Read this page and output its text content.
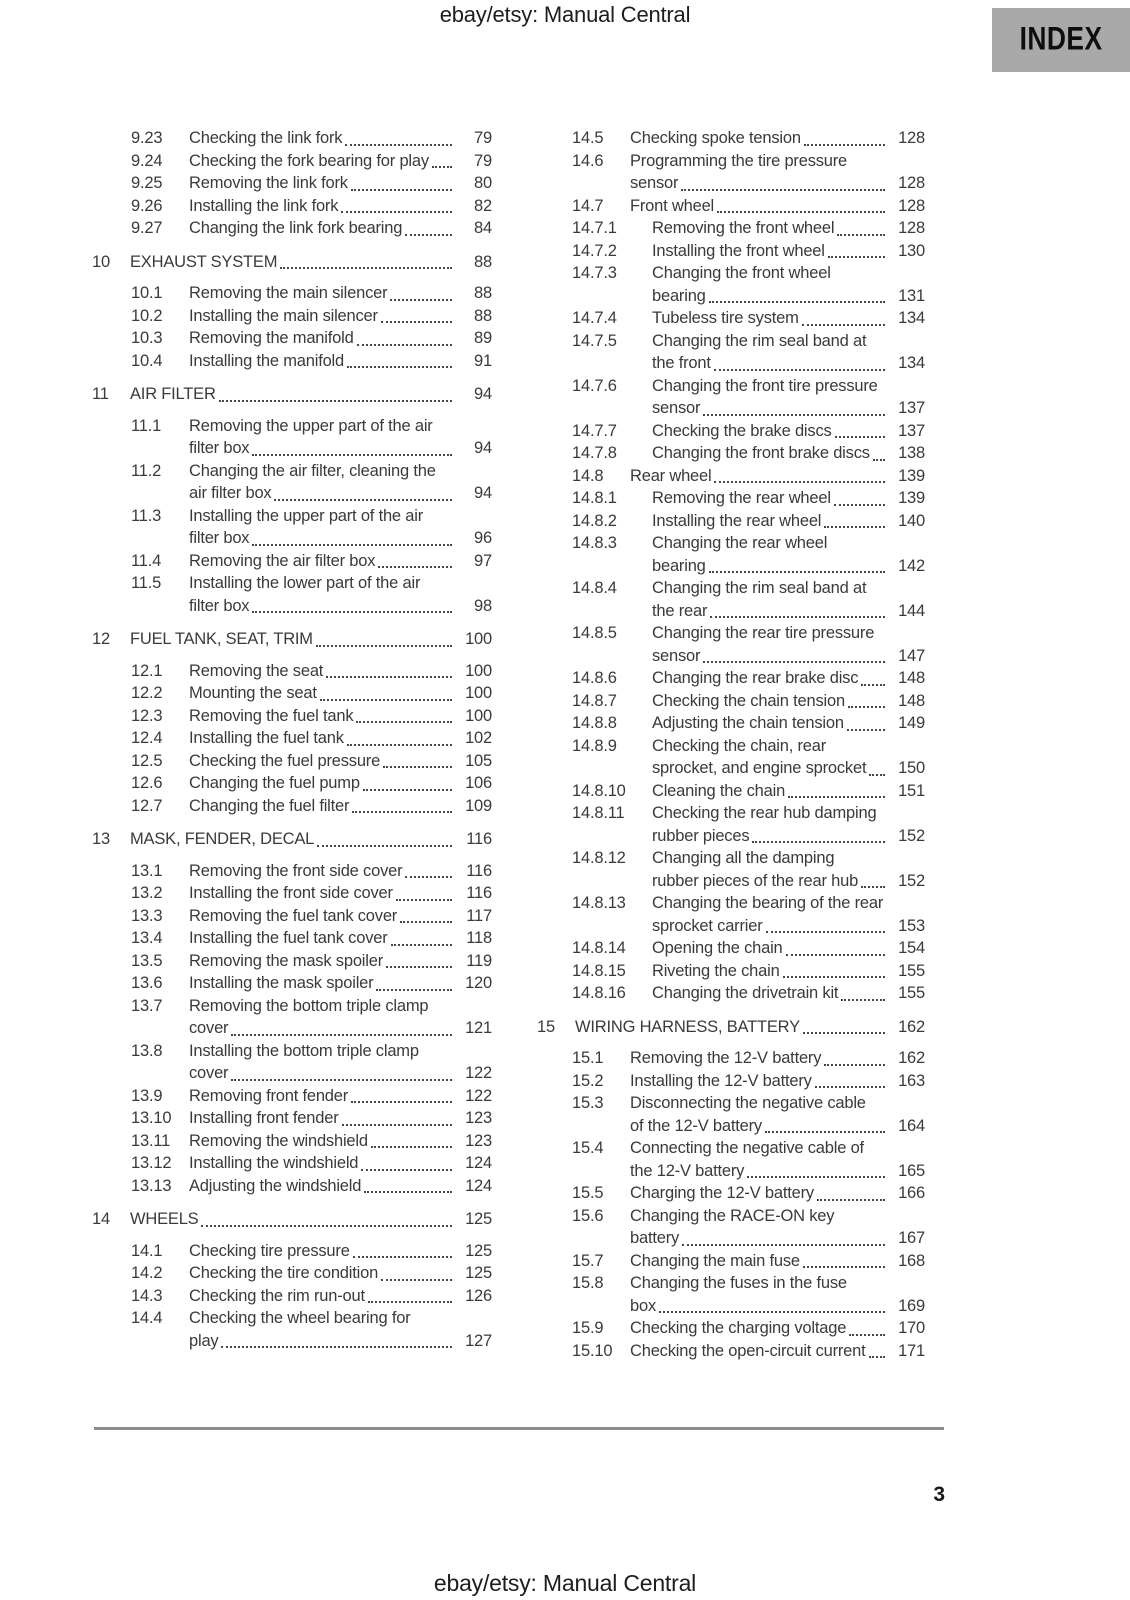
ebay/etsy: Manual Central
INDEX
9.23	Checking the link fork	79
9.24	Checking the fork bearing for play	79
9.25	Removing the link fork	80
9.26	Installing the link fork	82
9.27	Changing the link fork bearing	84
10	EXHAUST SYSTEM	88
10.1	Removing the main silencer	88
10.2	Installing the main silencer	88
10.3	Removing the manifold	89
10.4	Installing the manifold	91
11	AIR FILTER	94
11.1	Removing the upper part of the air
filter box	94
11.2	Changing the air filter, cleaning the
air filter box	94
11.3	Installing the upper part of the air
filter box	96
11.4	Removing the air filter box	97
11.5	Installing the lower part of the air
filter box	98
12	FUEL TANK, SEAT, TRIM	100
12.1	Removing the seat	100
12.2	Mounting the seat	100
12.3	Removing the fuel tank	100
12.4	Installing the fuel tank	102
12.5	Checking the fuel pressure	105
12.6	Changing the fuel pump	106
12.7	Changing the fuel filter	109
13	MASK, FENDER, DECAL	116
13.1	Removing the front side cover	116
13.2	Installing the front side cover	116
13.3	Removing the fuel tank cover	117
13.4	Installing the fuel tank cover	118
13.5	Removing the mask spoiler	119
13.6	Installing the mask spoiler	120
13.7	Removing the bottom triple clamp
cover	121
13.8	Installing the bottom triple clamp
cover	122
13.9	Removing front fender	122
13.10	Installing front fender	123
13.11	Removing the windshield	123
13.12	Installing the windshield	124
13.13	Adjusting the windshield	124
14	WHEELS	125
14.1	Checking tire pressure	125
14.2	Checking the tire condition	125
14.3	Checking the rim run-out	126
14.4	Checking the wheel bearing for
play	127
14.5	Checking spoke tension	128
14.6	Programming the tire pressure
sensor	128
14.7	Front wheel	128
14.7.1	Removing the front wheel	128
14.7.2	Installing the front wheel	130
14.7.3	Changing the front wheel
bearing	131
14.7.4	Tubeless tire system	134
14.7.5	Changing the rim seal band at
the front	134
14.7.6	Changing the front tire pressure
sensor	137
14.7.7	Checking the brake discs	137
14.7.8	Changing the front brake discs	138
14.8	Rear wheel	139
14.8.1	Removing the rear wheel	139
14.8.2	Installing the rear wheel	140
14.8.3	Changing the rear wheel
bearing	142
14.8.4	Changing the rim seal band at
the rear	144
14.8.5	Changing the rear tire pressure
sensor	147
14.8.6	Changing the rear brake disc	148
14.8.7	Checking the chain tension	148
14.8.8	Adjusting the chain tension	149
14.8.9	Checking the chain, rear
sprocket, and engine sprocket	150
14.8.10	Cleaning the chain	151
14.8.11	Checking the rear hub damping
rubber pieces	152
14.8.12	Changing all the damping
rubber pieces of the rear hub	152
14.8.13	Changing the bearing of the rear
sprocket carrier	153
14.8.14	Opening the chain	154
14.8.15	Riveting the chain	155
14.8.16	Changing the drivetrain kit	155
15	WIRING HARNESS, BATTERY	162
15.1	Removing the 12-V battery	162
15.2	Installing the 12-V battery	163
15.3	Disconnecting the negative cable
of the 12-V battery	164
15.4	Connecting the negative cable of
the 12-V battery	165
15.5	Charging the 12-V battery	166
15.6	Changing the RACE-ON key
battery	167
15.7	Changing the main fuse	168
15.8	Changing the fuses in the fuse
box	169
15.9	Checking the charging voltage	170
15.10	Checking the open-circuit current	171
3
ebay/etsy: Manual Central
